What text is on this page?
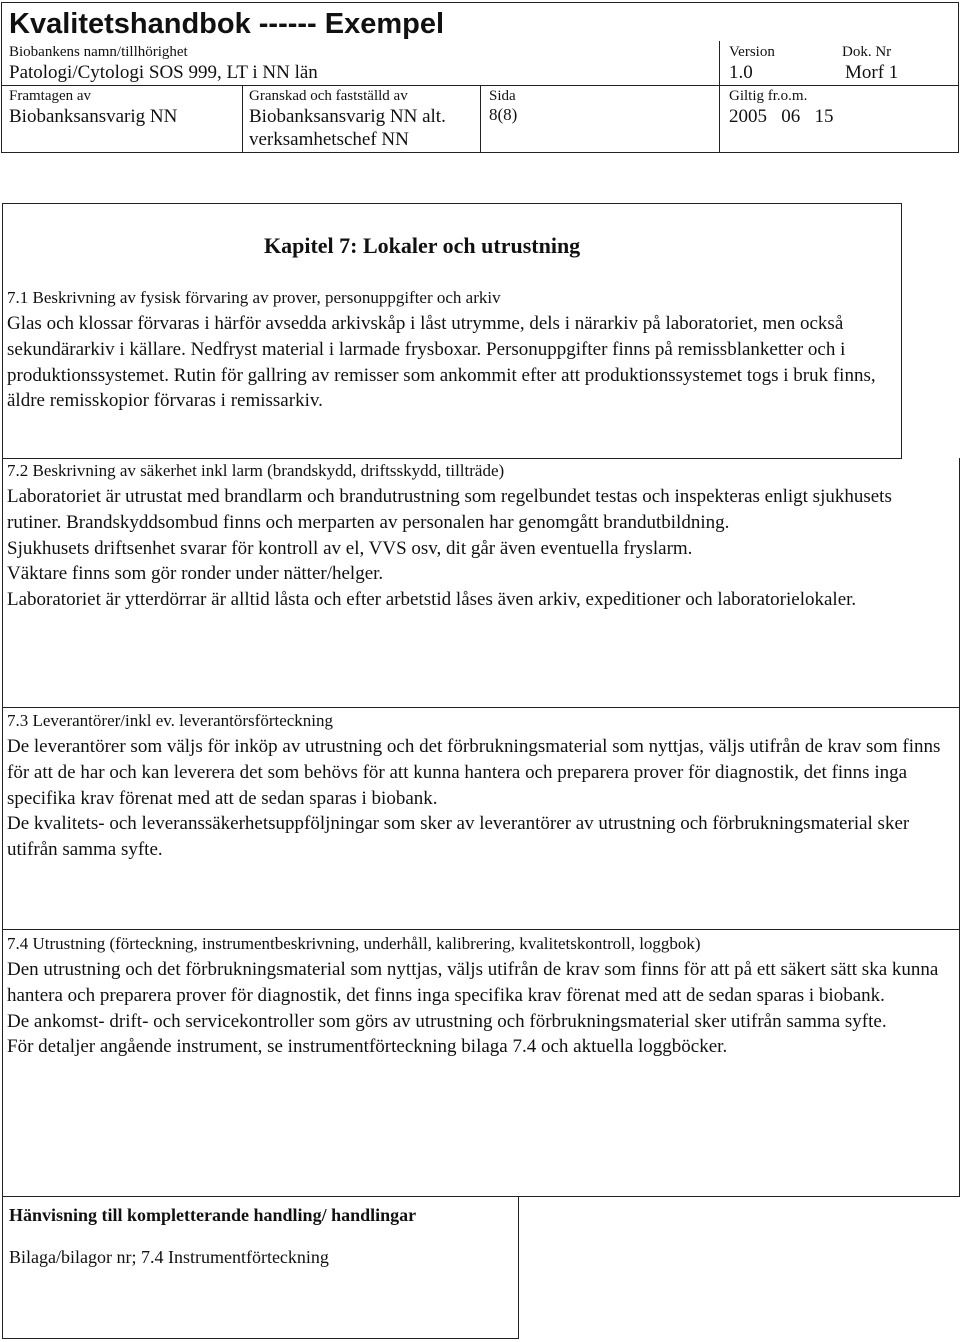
Kvalitetshandbok ------ Exempel
Biobankens namn/tillhörighet
Patologi/Cytologi SOS 999, LT i NN län
Version
1.0
Dok. Nr
Morf 1
Framtagen av
Biobanksansvarig NN
Granskad och fastställd av
Biobanksansvarig NN alt.
verksamhetschef NN
Sida
8(8)
Giltig fr.o.m.
2005   06   15
Kapitel 7: Lokaler och utrustning
7.1 Beskrivning av fysisk förvaring av prover, personuppgifter och arkiv

Glas och klossar förvaras i härför avsedda arkivskåp i låst utrymme, dels i närarkiv på laboratoriet, men också sekundärarkiv i källare. Nedfryst material i larmade frysboxar. Personuppgifter finns på remissblanketter och i produktionssystemet. Rutin för gallring av remisser som ankommit efter att produktionssystemet togs i bruk finns, äldre remisskopior förvaras i remissarkiv.

7.2 Beskrivning av säkerhet inkl larm (brandskydd, driftsskydd, tillträde)

Laboratoriet är utrustat med brandlarm och brandutrustning som regelbundet testas och inspekteras enligt sjukhusets rutiner. Brandskyddsombud finns och merparten av personalen har genomgått brandutbildning.

Sjukhusets driftsenhet svarar för kontroll av el, VVS osv, dit går även eventuella fryslarm.

Väktare finns som gör ronder under nätter/helger.

Laboratoriet är ytterdörrar är alltid låsta och efter arbetstid låses även arkiv, expeditioner och laboratorielokaler.

7.3 Leverantörer/inkl ev. leverantörsförteckning

De leverantörer som väljs för inköp av utrustning och det förbrukningsmaterial som nyttjas, väljs utifrån de krav som finns för att de har och kan leverera det som behövs för att kunna hantera och preparera prover för diagnostik, det finns inga specifika krav förenat med att de sedan sparas i biobank.

De kvalitets- och leveranssäkerhetsuppföljningar som sker av leverantörer av utrustning och förbrukningsmaterial sker utifrån samma syfte.

7.4 Utrustning (förteckning, instrumentbeskrivning, underhåll, kalibrering, kvalitetskontroll, loggbok)

Den utrustning och det förbrukningsmaterial som nyttjas, väljs utifrån de krav som finns för att på ett säkert sätt ska kunna hantera och preparera prover för diagnostik, det finns inga specifika krav förenat med att de sedan sparas i biobank.

De ankomst- drift- och servicekontroller som görs av utrustning och förbrukningsmaterial sker utifrån samma syfte.

För detaljer angående instrument, se instrumentförteckning bilaga 7.4 och aktuella loggböcker.

Hänvisning till kompletterande handling/ handlingar
Bilaga/bilagor nr; 7.4 Instrumentförteckning
